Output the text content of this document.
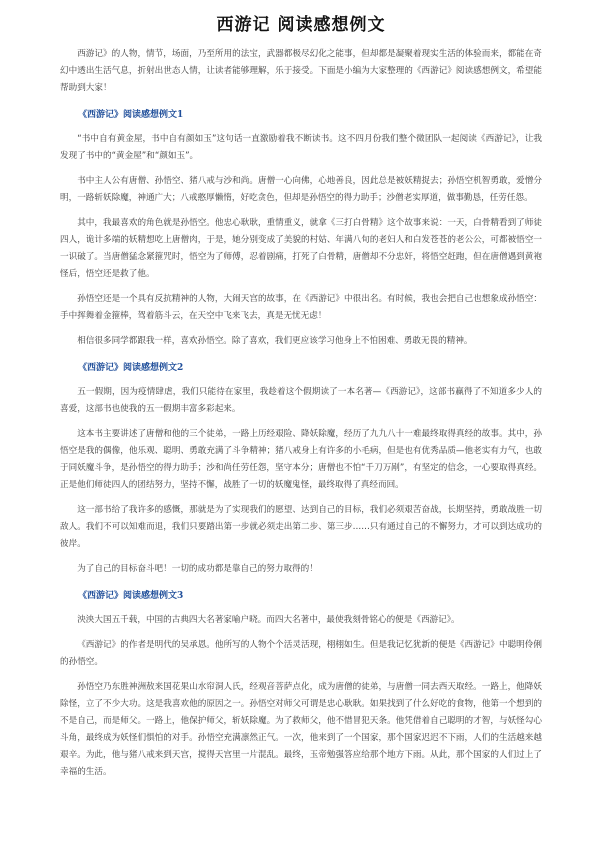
西游记 阅读感想例文

西游记》的人物，情节，场面，乃至所用的法宝，武器都极尽幻化之能事，但却都是凝聚着现实生活的体验而来，都能在奇幻中透出生活气息，折射出世态人情，让读者能够理解，乐于接受。下面是小编为大家整理的《西游记》阅读感想例文，希望能帮助到大家！

《西游记》阅读感想例文1

“书中自有黄金屋，书中自有颜如玉”这句话一直激励着我不断读书。这不四月份我们整个微团队一起阅读《西游记》，让我发现了书中的“黄金屋”和“颜如玉”。

书中主人公有唐僧、孙悟空、猪八戒与沙和尚。唐僧一心向佛，心地善良，因此总是被妖精捉去；孙悟空机智勇敢，爱憎分明，一路斩妖除魔，神通广大；八戒憨厚懒惰，好吃贪色，但却是孙悟空的得力助手；沙僧老实厚道，做事勤恳，任劳任怨。

其中，我最喜欢的角色就是孙悟空。他忠心耿耿，重情重义，就拿《三打白骨精》这个故事来说：一天，白骨精看到了师徒四人，诡计多端的妖精想吃上唐僧肉，于是，她分别变成了美貌的村姑、年满八旬的老妇人和白发苍苍的老公公，可都被悟空一一识破了。当唐僧猛念紧箍咒时，悟空为了师傅，忍着剧痛，打死了白骨精，唐僧却不分忠奸，将悟空赶跑，但在唐僧遇到黄袍怪后，悟空还是救了他。

孙悟空还是一个具有反抗精神的人物，大闹天宫的故事，在《西游记》中很出名。有时候，我也会把自己也想象成孙悟空：手中挥舞着金箍棒，驾着筋斗云，在天空中飞来飞去，真是无忧无虑！

相信很多同学都跟我一样，喜欢孙悟空。除了喜欢，我们更应该学习他身上不怕困难、勇敢无畏的精神。

《西游记》阅读感想例文2

五一假期，因为疫情肆虐，我们只能待在家里，我趁着这个假期读了一本名著—《西游记》，这部书赢得了不知道多少人的喜爱，这部书也使我的五一假期丰富多彩起来。

这本书主要讲述了唐僧和他的三个徒弟，一路上历经艰险、降妖除魔，经历了九九八十一难最终取得真经的故事。其中，孙悟空是我的偶像，他乐观、聪明、勇敢充满了斗争精神；猪八戒身上有许多的小毛病，但是也有优秀品质—他老实有力气，也敢于同妖魔斗争，是孙悟空的得力助手；沙和尚任劳任怨，坚守本分；唐僧也不怕“千刀万剐”，有坚定的信念，一心要取得真经。正是他们师徒四人的团结努力，坚持不懈，战胜了一切的妖魔鬼怪，最终取得了真经而回。

这一部书给了我许多的感慨，那就是为了实现我们的愿望、达到自己的目标，我们必须艰苦奋战，长期坚持，勇敢战胜一切敌人。我们不可以知难而退，我们只要踏出第一步就必须走出第二步、第三步……只有通过自己的不懈努力，才可以到达成功的彼岸。

为了自己的目标奋斗吧！一切的成功都是靠自己的努力取得的！

《西游记》阅读感想例文3

泱泱大国五千载，中国的古典四大名著家喻户晓。而四大名著中，最使我刻骨铭心的便是《西游记》。

《西游记》的作者是明代的吴承恩。他所写的人物个个活灵活现，栩栩如生。但是我记忆犹新的便是《西游记》中聪明伶俐的孙悟空。

孙悟空乃东胜神洲敖来国花果山水帘洞人氏，经观音菩萨点化，成为唐僧的徒弟，与唐僧一同去西天取经。一路上，他降妖除怪，立了不少大功。这是我喜欢他的原因之一。孙悟空对师父可谓是忠心耿耿。如果找到了什么好吃的食物，他第一个想到的不是自己，而是师父。一路上，他保护师父，斩妖除魔。为了救师父，他不惜冒犯天条。他凭借着自己聪明的才智，与妖怪勾心斗角，最终成为妖怪们惧怕的对手。孙悟空充满凛然正气。一次，他来到了一个国家，那个国家迟迟不下雨，人们的生活越来越艰辛。为此，他与猪八戒来到天宫，搅得天宫里一片混乱。最终，玉帝勉强答应给那个地方下雨。从此，那个国家的人们过上了幸福的生活。
